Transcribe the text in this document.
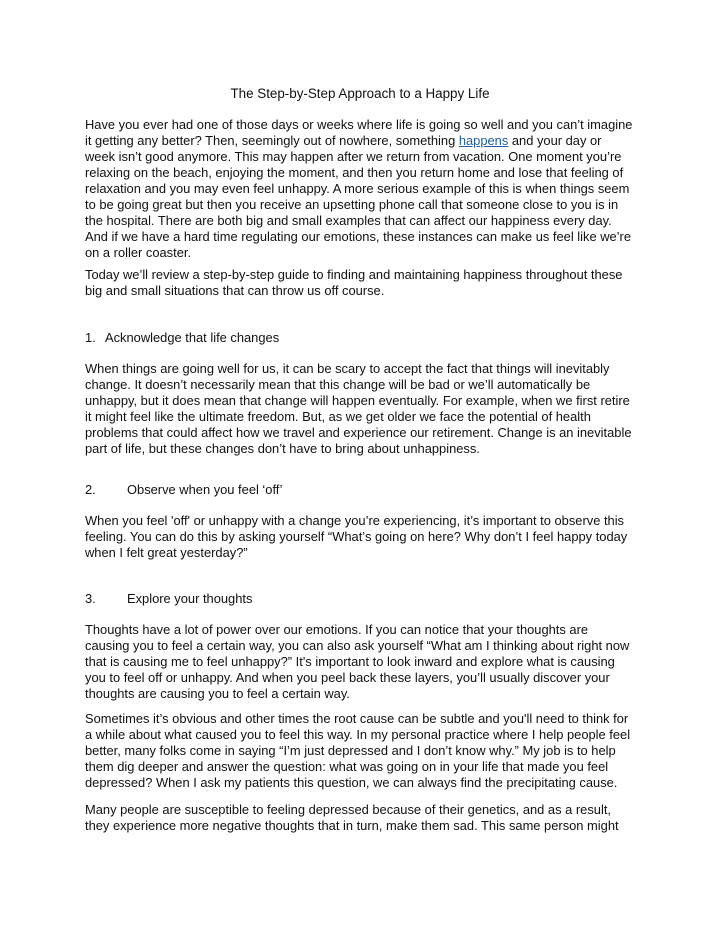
The Step-by-Step Approach to a Happy Life
Have you ever had one of those days or weeks where life is going so well and you can’t imagine
it getting any better? Then, seemingly out of nowhere, something happens and your day or
week isn’t good anymore. This may happen after we return from vacation. One moment you’re
relaxing on the beach, enjoying the moment, and then you return home and lose that feeling of
relaxation and you may even feel unhappy. A more serious example of this is when things seem
to be going great but then you receive an upsetting phone call that someone close to you is in
the hospital. There are both big and small examples that can affect our happiness every day.
And if we have a hard time regulating our emotions, these instances can make us feel like we’re
on a roller coaster.
Today we’ll review a step-by-step guide to finding and maintaining happiness throughout these
big and small situations that can throw us off course.
1. Acknowledge that life changes
When things are going well for us, it can be scary to accept the fact that things will inevitably
change. It doesn’t necessarily mean that this change will be bad or we’ll automatically be
unhappy, but it does mean that change will happen eventually. For example, when we first retire
it might feel like the ultimate freedom. But, as we get older we face the potential of health
problems that could affect how we travel and experience our retirement. Change is an inevitable
part of life, but these changes don’t have to bring about unhappiness.
2. Observe when you feel ‘off’
When you feel 'off' or unhappy with a change you’re experiencing, it’s important to observe this
feeling. You can do this by asking yourself “What’s going on here? Why don’t I feel happy today
when I felt great yesterday?”
3. Explore your thoughts
Thoughts have a lot of power over our emotions. If you can notice that your thoughts are
causing you to feel a certain way, you can also ask yourself “What am I thinking about right now
that is causing me to feel unhappy?” It's important to look inward and explore what is causing
you to feel off or unhappy. And when you peel back these layers, you’ll usually discover your
thoughts are causing you to feel a certain way.
Sometimes it’s obvious and other times the root cause can be subtle and you'll need to think for
a while about what caused you to feel this way. In my personal practice where I help people feel
better, many folks come in saying “I’m just depressed and I don’t know why.” My job is to help
them dig deeper and answer the question: what was going on in your life that made you feel
depressed? When I ask my patients this question, we can always find the precipitating cause.
Many people are susceptible to feeling depressed because of their genetics, and as a result,
they experience more negative thoughts that in turn, make them sad. This same person might
